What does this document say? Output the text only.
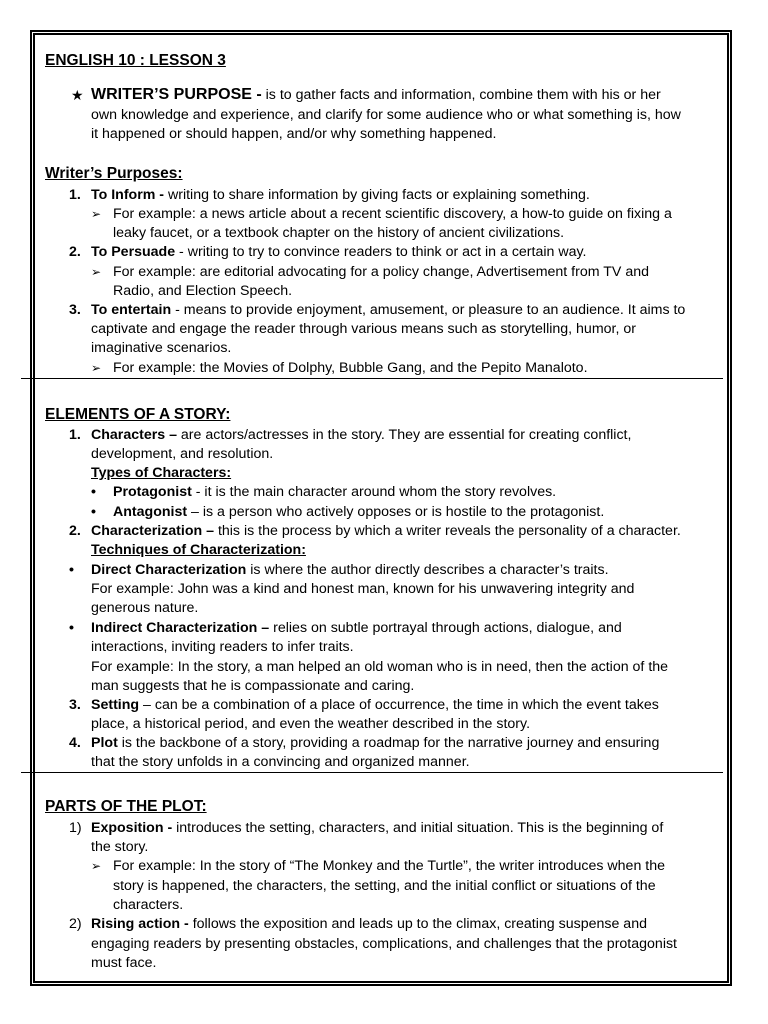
ENGLISH 10 : LESSON 3
★ WRITER’S PURPOSE - is to gather facts and information, combine them with his or her
own knowledge and experience, and clarify for some audience who or what something is, how
it happened or should happen, and/or why something happened.
Writer’s Purposes:
1. To Inform - writing to share information by giving facts or explaining something.
➢ For example: a news article about a recent scientific discovery, a how-to guide on fixing a
leaky faucet, or a textbook chapter on the history of ancient civilizations.
2. To Persuade - writing to try to convince readers to think or act in a certain way.
➢ For example: are editorial advocating for a policy change, Advertisement from TV and
Radio, and Election Speech.
3. To entertain - means to provide enjoyment, amusement, or pleasure to an audience. It aims to
captivate and engage the reader through various means such as storytelling, humor, or
imaginative scenarios.
➢ For example: the Movies of Dolphy, Bubble Gang, and the Pepito Manaloto.
ELEMENTS OF A STORY:
1. Characters – are actors/actresses in the story. They are essential for creating conflict,
development, and resolution.
Types of Characters:
• Protagonist - it is the main character around whom the story revolves.
• Antagonist – is a person who actively opposes or is hostile to the protagonist.
2. Characterization – this is the process by which a writer reveals the personality of a character.
Techniques of Characterization:
• Direct Characterization is where the author directly describes a character’s traits.
For example: John was a kind and honest man, known for his unwavering integrity and
generous nature.
• Indirect Characterization – relies on subtle portrayal through actions, dialogue, and
interactions, inviting readers to infer traits.
For example: In the story, a man helped an old woman who is in need, then the action of the
man suggests that he is compassionate and caring.
3. Setting – can be a combination of a place of occurrence, the time in which the event takes
place, a historical period, and even the weather described in the story.
4. Plot is the backbone of a story, providing a roadmap for the narrative journey and ensuring
that the story unfolds in a convincing and organized manner.
PARTS OF THE PLOT:
1) Exposition - introduces the setting, characters, and initial situation. This is the beginning of
the story.
➢ For example: In the story of “The Monkey and the Turtle”, the writer introduces when the
story is happened, the characters, the setting, and the initial conflict or situations of the
characters.
2) Rising action - follows the exposition and leads up to the climax, creating suspense and
engaging readers by presenting obstacles, complications, and challenges that the protagonist
must face.
